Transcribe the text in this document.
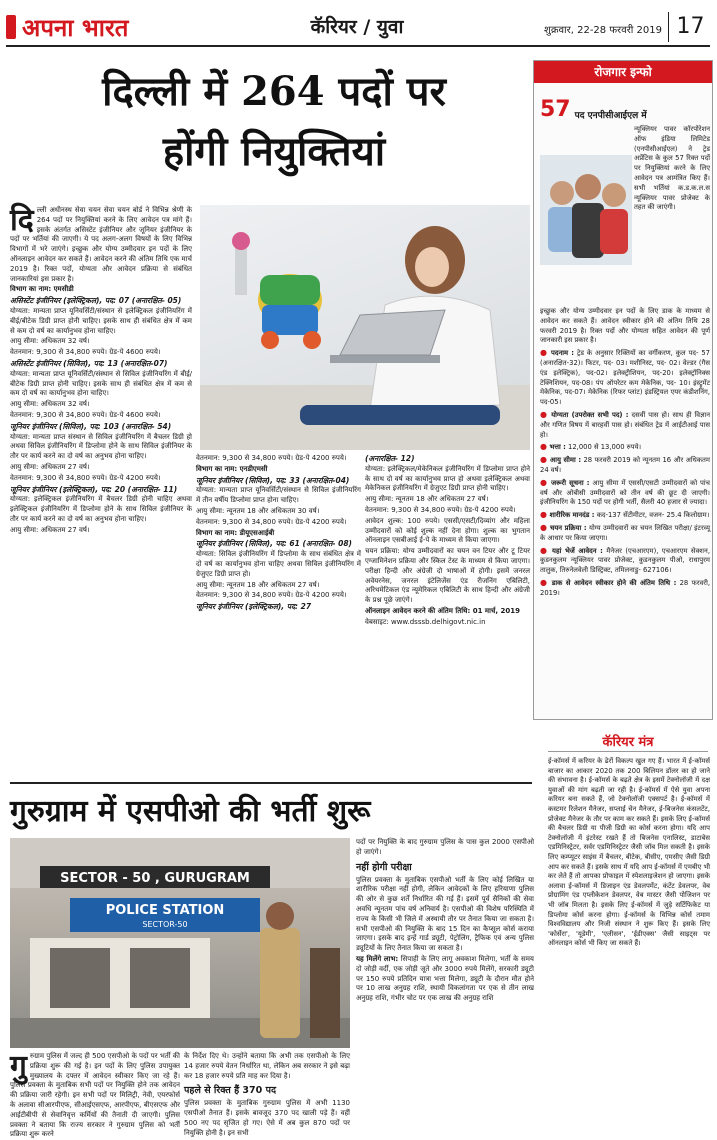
अपना भारत	कॅरियर / युवा	शुक्रवार, 22-28 फरवरी 2019 17
दिल्ली में 264 पदों पर
होंगी नियुक्तियां

दिल्ली अधीनस्थ सेवा चयन सेवा चयन बोर्ड ने विभिन्न श्रेणी के 264 पदों पर नियुक्तियां करने के लिए आवेदन पत्र मांगे हैं। इसके अंतर्गत असिस्टेंट इंजीनियर और जूनियर इंजीनियर के पदों पर भर्तियां की जाएगी। ये पद अलग-अलग विषयों के लिए विभिन्न विभागों में भरे जाएंगे। इच्छुक और योग्य उम्मीदवार इन पदों के लिए ऑनलाइन आवेदन कर सकते हैं। आवेदन करने की अंतिम तिथि एक मार्च 2019 है। रिक्त पदों, योग्यता और आवेदन प्रक्रिया से संबंधित जानकारियां इस प्रकार है।

विभाग का नाम: एमसीडी

असिस्टेंट इंजीनियर (इलेक्ट्रिकल), पद: 07 (अनारक्षित- 05)

योग्यता: मान्यता प्राप्त यूनिवर्सिटी/संस्थान से इलेक्ट्रिकल इंजीनियरिंग में बीई/बीटेक डिग्री प्राप्त होनी चाहिए। इसके साथ ही संबंधित क्षेत्र में कम से कम दो वर्ष का कार्यानुभव होना चाहिए।

आयु सीमा: अधिकतम 32 वर्ष।

वेतनमान: 9,300 से 34,800 रुपये। ग्रेड-पे 4600 रुपये।

असिस्टेंट इंजीनियर (सिविल), पद: 13 (अनारक्षित-07)

योग्यता: मान्यता प्राप्त यूनिवर्सिटी/संस्थान से सिविल इंजीनियरिंग में बीई/बीटेक डिग्री प्राप्त होनी चाहिए। इसके साथ ही संबंधित क्षेत्र में कम से कम दो वर्ष का कार्यानुभव होना चाहिए।

आयु सीमा: अधिकतम 32 वर्ष।

वेतनमान: 9,300 से 34,800 रुपये। ग्रेड-पे 4600 रुपये।

जूनियर इंजीनियर (सिविल), पद: 103 (अनारक्षित- 54)

योग्यता: मान्यता प्राप्त संस्थान से सिविल इंजीनियरिंग में बैचलर डिग्री हो अथवा सिविल इंजीनियरिंग में डिप्लोमा होने के साथ सिविल इंजीनियर के तौर पर कार्य करने का दो वर्ष का अनुभव होना चाहिए।

आयु सीमा: अधिकतम 27 वर्ष।

वेतनमान: 9,300 से 34,800 रुपये। ग्रेड-पे 4200 रुपये।

जूनियर इंजीनियर (इलेक्ट्रिकल), पद: 20 (अनारक्षित- 11)

योग्यता: इलेक्ट्रिकल इंजीनियरिंग में बैचलर डिग्री होनी चाहिए अथवा इलेक्ट्रिकल इंजीनियरिंग में डिप्लोमा होने के साथ सिविल इंजीनियर के तौर पर कार्य करने का दो वर्ष का अनुभव होना चाहिए।

आयु सीमा: अधिकतम 27 वर्ष।

वेतनमान: 9,300 से 34,800 रुपये। ग्रेड-पे 4200 रुपये।

विभाग का नाम: एनडीएमसी

जूनियर इंजीनियर (सिविल), पद: 33 (अनारक्षित-04)

योग्यता: मान्यता प्राप्त यूनिवर्सिटी/संस्थान से सिविल इंजीनियरिंग में तीन वर्षीय डिप्लोमा प्राप्त होना चाहिए।

आयु सीमा: न्यूनतम 18 और अधिकतम 30 वर्ष।

वेतनमान: 9,300 से 34,800 रुपये। ग्रेड-पे 4200 रुपये।

विभाग का नाम: डीयूएसआईबी

जूनियर इंजीनियर (सिविल), पद: 61 (अनारक्षित- 08)

योग्यता: सिविल इंजीनियरिंग में डिप्लोमा के साथ संबंधित क्षेत्र में दो वर्ष का कार्यानुभव होना चाहिए अथवा सिविल इंजीनियरिंग में ग्रेजुएट डिग्री प्राप्त हो।

आयु सीमा: न्यूनतम 18 और अधिकतम 27 वर्ष।

वेतनमान: 9,300 से 34,800 रुपये। ग्रेड-पे 4200 रुपये।

जूनियर इंजीनियर (इलेक्ट्रिकल), पद: 27

(अनारक्षित- 12)

योग्यता: इलेक्ट्रिकल/मेकेनिकल इंजीनियरिंग में डिप्लोमा प्राप्त होने के साथ दो वर्ष का कार्यानुभव प्राप्त हो अथवा इलेक्ट्रिकल अथवा मेकेनिकल इंजीनियरिंग में ग्रेजुएट डिग्री प्राप्त होनी चाहिए।

आयु सीमा: न्यूनतम 18 और अधिकतम 27 वर्ष।

वेतनमान: 9,300 से 34,800 रुपये। ग्रेड-पे 4200 रुपये।

आवेदन शुल्क: 100 रुपये। एससी/एसटी/दिव्यांग और महिला उम्मीदवारों को कोई शुल्क नहीं देना होगा। शुल्क का भुगतान ऑनलाइन एसबीआई ई-पे के माध्यम से किया जाएगा।

चयन प्रक्रिया: योग्य उम्मीदवारों का चयन वन टियर और टू टियर एग्जामिनेशन प्रक्रिया और स्किल टेस्ट के माध्यम से किया जाएगा। परीक्षा हिन्दी और अंग्रेजी दो भाषाओं में होगी। इसमें जनरल अवेयरनेस, जनरल इंटेलिजेंस एंड रीजनिंग एबिलिटी, अरिथमेटिकल एंड न्यूमेरिकल एबिलिटी के साथ हिन्दी और अंग्रेजी के प्रश्न पूछे जाएंगे।

ऑनलाइन आवेदन करने की अंतिम तिथि: 01 मार्च, 2019

वेबसाइट: www.dsssb.delhigovt.nic.in

रोजगार इन्फो
57 पद एनपीसीआईएल में

न्यूक्लियर पावर कॉरपोरेशन ऑफ इंडिया लिमिटेड (एनपीसीआईएल) ने ट्रेड अप्रेंटिस के कुल 57 रिक्त पदों पर नियुक्तियां करने के लिए आवेदन पत्र आमंत्रित किए हैं। सभी भर्तियां क.ड.क.ल.स न्यूक्लियर पावर प्रोजेक्ट के तहत की जाएंगी।

इच्छुक और योग्य उम्मीदवार इन पदों के लिए डाक के माध्यम से आवेदन कर सकते हैं। आवेदन स्वीकार होने की अंतिम तिथि 28 फरवरी 2019 है। रिक्त पदों और योग्यता सहित आवेदन की पूर्ण जानकारी इस प्रकार है।

● पदनाम : ट्रेड के अनुसार रिक्तियों का वर्गीकरण, कुल पद- 57 (अनारक्षित-32)। फिटर, पद- 03। मशीनिस्ट, पद- 02। वेल्डर (गैस एंड इलेक्ट्रिक), पद-02। इलेक्ट्रीशियन, पद-20। इलेक्ट्रॉनिक्स टेक्निशियन, पद-08। पंप ऑपरेटर कम मेकेनिक, पद- 10। इंस्ट्रूमेंट मेकेनिक, पद-07। मेकेनिक (रिफर प्लांट) इंडस्ट्रियल एयर कंडीशनिंग, पद-05।

● योग्यता (उपरोक्त सभी पद) : दसवीं पास हो। साथ ही विज्ञान और गणित विषय में बारहवीं पास हो। संबंधित ट्रेड में आईटीआई पास हो।

● भत्ता : 12,000 से 13,000 रुपये।

● आयु सीमा : 28 फरवरी 2019 को न्यूनतम 16 और अधिकतम 24 वर्ष।

● जरूरी सूचना : आयु सीमा में एससी/एसटी उम्मीदवारों को पांच वर्ष और ओबीसी उम्मीदवारों को तीन वर्ष की छूट दी जाएगी। इंजीनियरिंग के 150 पदों पर होगी भर्ती, सैलरी 40 हजार से ज्यादा।

● शारीरिक मानदंड : कद-137 सेंटीमीटर, वजन- 25.4 किलोग्राम।

● चयन प्रक्रिया : योग्य उम्मीदवारों का चयन लिखित परीक्षा/ इंटरव्यू के आधार पर किया जाएगा।

● यहां भेजें आवेदन : मैनेजर (एचआरएम), एचआरएम सेक्शन, कुडनकुलम न्यूक्लियर पावर प्रोजेक्ट, कुडनकुलम पीओ, राधापुरम तालुक, तिरुनेलवेली डिस्ट्रिक्ट, तमिलनाडु- 627106।

● डाक से आवेदन स्वीकार होने की अंतिम तिथि : 28 फरवरी, 2019।

कॅरियर मंत्र

ई-कॉमर्स में करियर के ढेरों विकल्प खुल गए हैं। भारत में ई-कॉमर्स बाजार का आकार 2020 तक 200 बिलियन डॉलर का हो जाने की संभावना है। ई-कॉमर्स के बढ़ते क्षेत्र के इसमें टेक्नोलॉजी में दक्ष युवाओं की मांग बढ़ती जा रही है। ई-कॉमर्स में ऐसे युवा अपना करियर बना सकते हैं, जो टेक्नोलॉजी एक्सपर्ट है। ई-कॉमर्स में कस्टमर रिलेशन मैनेजर, सप्लाई चेन मैनेजर, ई-बिजनेस कंसलटेंट, प्रोजेक्ट मैनेजर के तौर पर काम कर सकते हैं। इसके लिए ई-कॉमर्स की बैचलर डिग्री या पीजी डिग्री का कोर्स करना होगा। यदि आप टेक्नोलॉजी में इंटरेस्ट रखते हैं तो बिजनेस एनालिस्ट, डाटाबेस एडमिनिस्ट्रेटर, सर्वर एडमिनिस्ट्रेटर जैसी जॉब मिल सकती है। इसके लिए कम्प्यूटर साइंस में बैचलर, बीटेक, बीसीए, एमसीए जैसी डिग्री आप कर सकते हैं। इसके साथ में यदि आप ई-कॉमर्स में एमबीए भी कर लेते हैं तो आपका प्रोफाइल में स्पेशलाइजेशन हो जाएगा। इसके अलावा ई-कॉमर्स में डिजाइन एंड डेवलपमेंट, कंटेंट डेवलपर, वेब प्रोग्रामिंग एंड एप्लीकेशन डेवलपर, वेब मास्टर जैसी पोजिशन पर भी जॉब मिलता है। इसके लिए ई-कॉमर्स में जुड़े सर्टिफिकेट या डिप्लोमा कोर्स करना होगा। ई-कॉमर्स के विभिन्न कोर्स तमाम विश्वविद्यालय और निजी संस्थान ने शुरू किए हैं। इसके लिए 'कोर्सेरा', 'यूडेमी', 'एलीसन', 'ईडीएक्स' जैसी साइट्स पर ऑनलाइन कोर्स भी किए जा सकते हैं।

गुरुग्राम में एसपीओ की भर्ती शुरू
SECTOR - 50 , GURUGRAM
POLICE STATION
SECTOR-50

गुरुग्राम पुलिस में जल्द ही 500 एसपीओ के पदों पर भर्ती की प्रक्रिया शुरू की गई है। इन पदों के लिए पुलिस उपायुक्त मुख्यालय के दफ्तर में आवेदन स्वीकार किए जा रहे हैं। पुलिस प्रवक्ता के मुताबिक सभी पदों पर नियुक्ति होने तक आवेदन की प्रक्रिया जारी रहेगी। इन सभी पदों पर मिलिट्री, नेवी, एयरफोर्स के अलावा सीआरपीएफ, सीआईएसएफ, आरपीएफ, बीएसएफ और आईटीबीपी से सेवानिवृत्त कर्मियों की तैनाती दी जाएगी। पुलिस प्रवक्ता ने बताया कि राज्य सरकार ने गुरुग्राम पुलिस को भर्ती प्रक्रिया शुरू करने

के निर्देश दिए थे। उन्होंने बताया कि अभी तक एसपीओ के लिए 14 हजार रुपये वेतन निर्धारित था, लेकिन अब सरकार ने इसे बढ़ा कर 18 हजार रुपये प्रति माह कर दिया है।

पहले से रिक्त हैं 370 पद

पुलिस प्रवक्ता के मुताबिक गुरुग्राम पुलिस में अभी 1130 एसपीओ तैनात हैं। इसके बावजूद 370 पद खाली पड़े हैं। वहीं 500 नए पद सृजित हो गए। ऐसे में अब कुल 870 पदों पर नियुक्ति होनी है। इन सभी

पदों पर नियुक्ति के बाद गुरुग्राम पुलिस के पास कुल 2000 एसपीओ हो जाएंगे।

नहीं होगी परीक्षा

पुलिस प्रवक्ता के मुताबिक एसपीओ भर्ती के लिए कोई लिखित या शारीरिक परीक्षा नहीं होगी, लेकिन आवेदकों के लिए हरियाणा पुलिस की ओर से कुछ शर्तें निर्धारित की गई हैं। इसमें पूर्व सैनिकों की सेवा अवधि न्यूनतम पांच वर्ष अनिवार्य है। एसपीओ की विशेष परिस्थिति में राज्य के किसी भी जिले में अस्थायी तौर पर तैनात किया जा सकता है। सभी एसपीओ की नियुक्ति के बाद 15 दिन का कैप्सूल कोर्स कराया जाएगा। इसके बाद इन्हें गार्ड ड्यूटी, पेट्रोलिंग, ट्रैफिक एवं अन्य पुलिस ड्यूटियों के लिए तैनात किया जा सकता है।

यह मिलेंगे लाभ: सिपाही के लिए लागू अवकाश मिलेगा, भर्ती के समय दो जोड़ी वर्दी, एक जोड़ी जूते और 3000 रुपये मिलेंगे, सरकारी ड्यूटी पर 150 रुपये प्रतिदिन यात्रा भत्ता मिलेगा, ड्यूटी के दौरान मौत होने पर 10 लाख अनुग्रह राशि, स्थायी विकलांगता पर एक से तीन लाख अनुग्रह राशि, गंभीर चोट पर एक लाख की अनुग्रह राशि
